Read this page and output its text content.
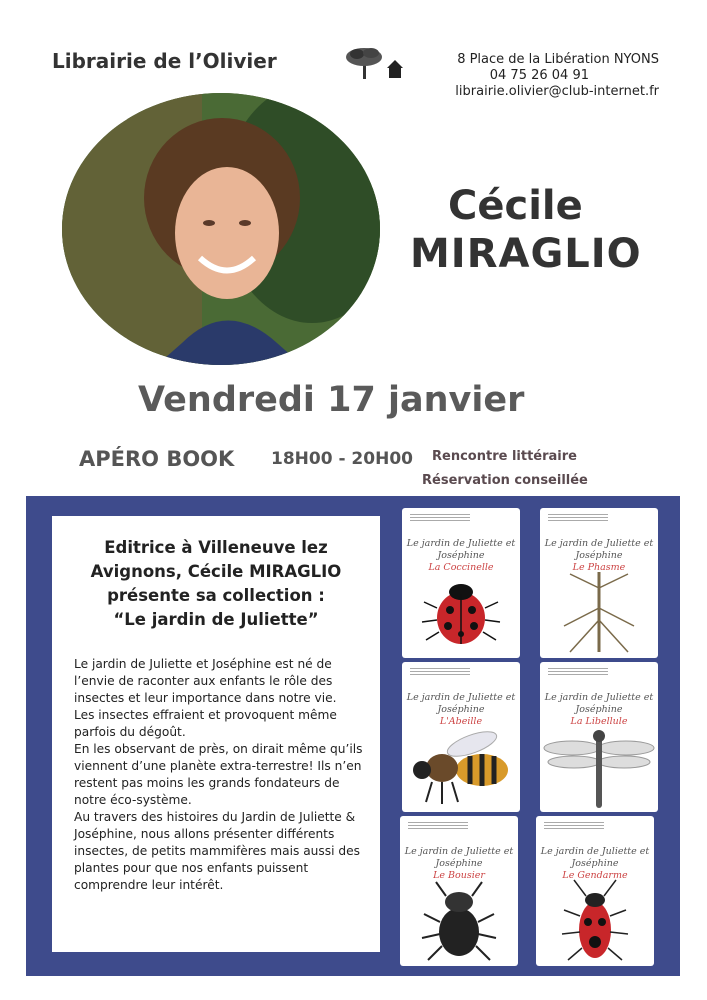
Librairie de l’Olivier	8 Place de la Libération NYONS
04 75 26 04 91
librairie.olivier@club-internet.fr
Cécile
MIRAGLIO
Vendredi 17 janvier
APÉRO BOOK 18H00 - 20H00 Rencontre littéraire
Réservation conseillée
Editrice à Villeneuve lez
Avignons, Cécile MIRAGLIO
présente sa collection :
“Le jardin de Juliette”

Le jardin de Juliette et Joséphine est né de l’envie de raconter aux enfants le rôle des insectes et leur importance dans notre vie.

Les insectes effraient et provoquent même parfois du dégoût.

En les observant de près, on dirait même qu’ils viennent d’une planète extra-terrestre! Ils n’en restent pas moins les grands fondateurs de notre éco-système.

Au travers des histoires du Jardin de Juliette & Joséphine, nous allons présenter différents insectes, de petits mammifères mais aussi des plantes pour que nos enfants puissent comprendre leur intérêt.

Le jardin de Juliette et Joséphine
La Coccinelle
Le jardin de Juliette et Joséphine
Le Phasme
Le jardin de Juliette et Joséphine
L'Abeille
Le jardin de Juliette et Joséphine
La Libellule
Le jardin de Juliette et Joséphine
Le Bousier
Le jardin de Juliette et Joséphine
Le Gendarme
